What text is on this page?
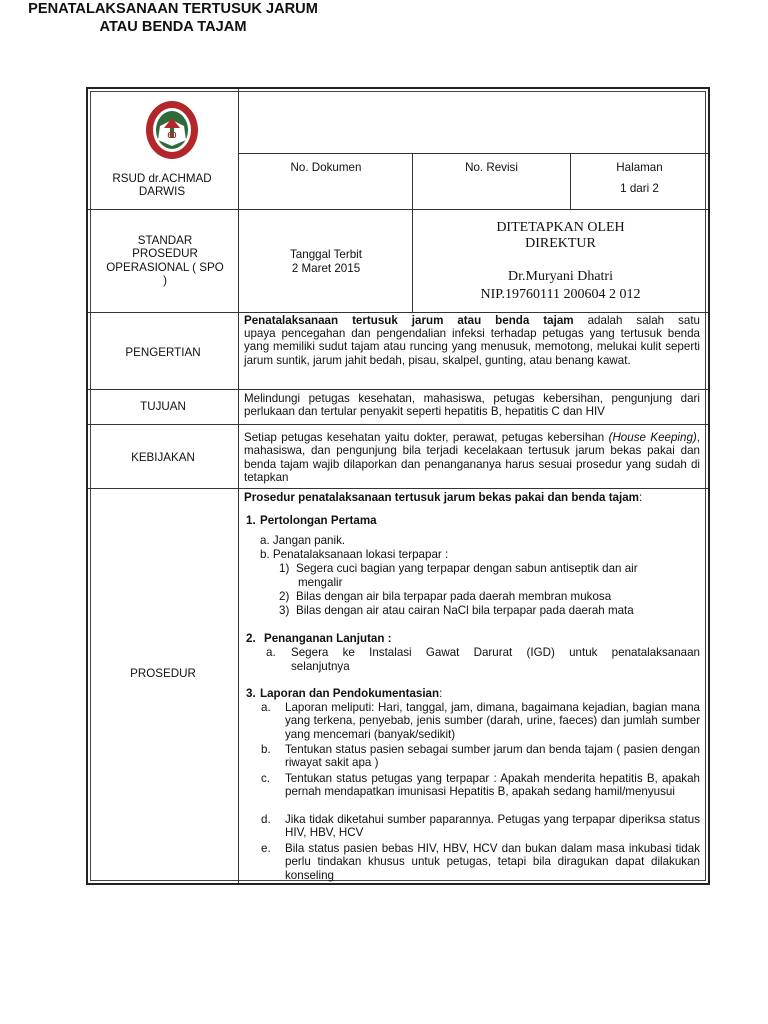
60
RSUD dr.ACHMAD DARWIS
PENATALAKSANAAN TERTUSUK JARUM
ATAU BENDA TAJAM
No. Dokumen	No. Revisi	Halaman
1 dari 2
STANDAR PROSEDUR OPERASIONAL ( SPO )
Tanggal Terbit
2 Maret 2015
DITETAPKAN OLEH
DIREKTUR
Dr.Muryani Dhatri
NIP.19760111 200604 2 012
PENGERTIAN
Penatalaksanaan tertusuk jarum atau benda tajam adalah salah satu
upaya pencegahan dan pengendalian infeksi terhadap petugas yang tertusuk benda yang memiliki sudut tajam atau runcing yang menusuk, memotong, melukai kulit seperti jarum suntik, jarum jahit bedah, pisau, skalpel, gunting, atau benang kawat.
TUJUAN
Melindungi petugas kesehatan, mahasiswa, petugas kebersihan, pengunjung dari perlukaan dan tertular penyakit seperti hepatitis B, hepatitis C dan HIV
KEBIJAKAN
Setiap petugas kesehatan yaitu dokter, perawat, petugas kebersihan (House Keeping), mahasiswa, dan pengunjung bila terjadi kecelakaan tertusuk jarum bekas pakai dan benda tajam wajib dilaporkan dan penangananya harus sesuai prosedur yang sudah di tetapkan
PROSEDUR
Prosedur penatalaksanaan tertusuk jarum bekas pakai dan benda tajam:
1. Pertolongan Pertama
a. Jangan panik.
b. Penatalaksanaan lokasi terpapar :
1) Segera cuci bagian yang terpapar dengan sabun antiseptik dan air
mengalir
2) Bilas dengan air bila terpapar pada daerah membran mukosa
3) Bilas dengan air atau cairan NaCl bila terpapar pada daerah mata
2. Penanganan Lanjutan :
a. Segera ke Instalasi Gawat Darurat (IGD) untuk penatalaksanaan
selanjutnya
3. Laporan dan Pendokumentasian:
a. Laporan meliputi: Hari, tanggal, jam, dimana, bagaimana kejadian, bagian mana yang terkena, penyebab, jenis sumber (darah, urine, faeces) dan jumlah sumber yang mencemari (banyak/sedikit)
b. Tentukan status pasien sebagai sumber jarum dan benda tajam ( pasien dengan riwayat sakit apa )
c. Tentukan status petugas yang terpapar : Apakah menderita hepatitis B, apakah pernah mendapatkan imunisasi Hepatitis B, apakah sedang hamil/menyusui
d. Jika tidak diketahui sumber paparannya. Petugas yang terpapar diperiksa status HIV, HBV, HCV
e. Bila status pasien bebas HIV, HBV, HCV dan bukan dalam masa inkubasi tidak perlu tindakan khusus untuk petugas, tetapi bila diragukan dapat dilakukan konseling
